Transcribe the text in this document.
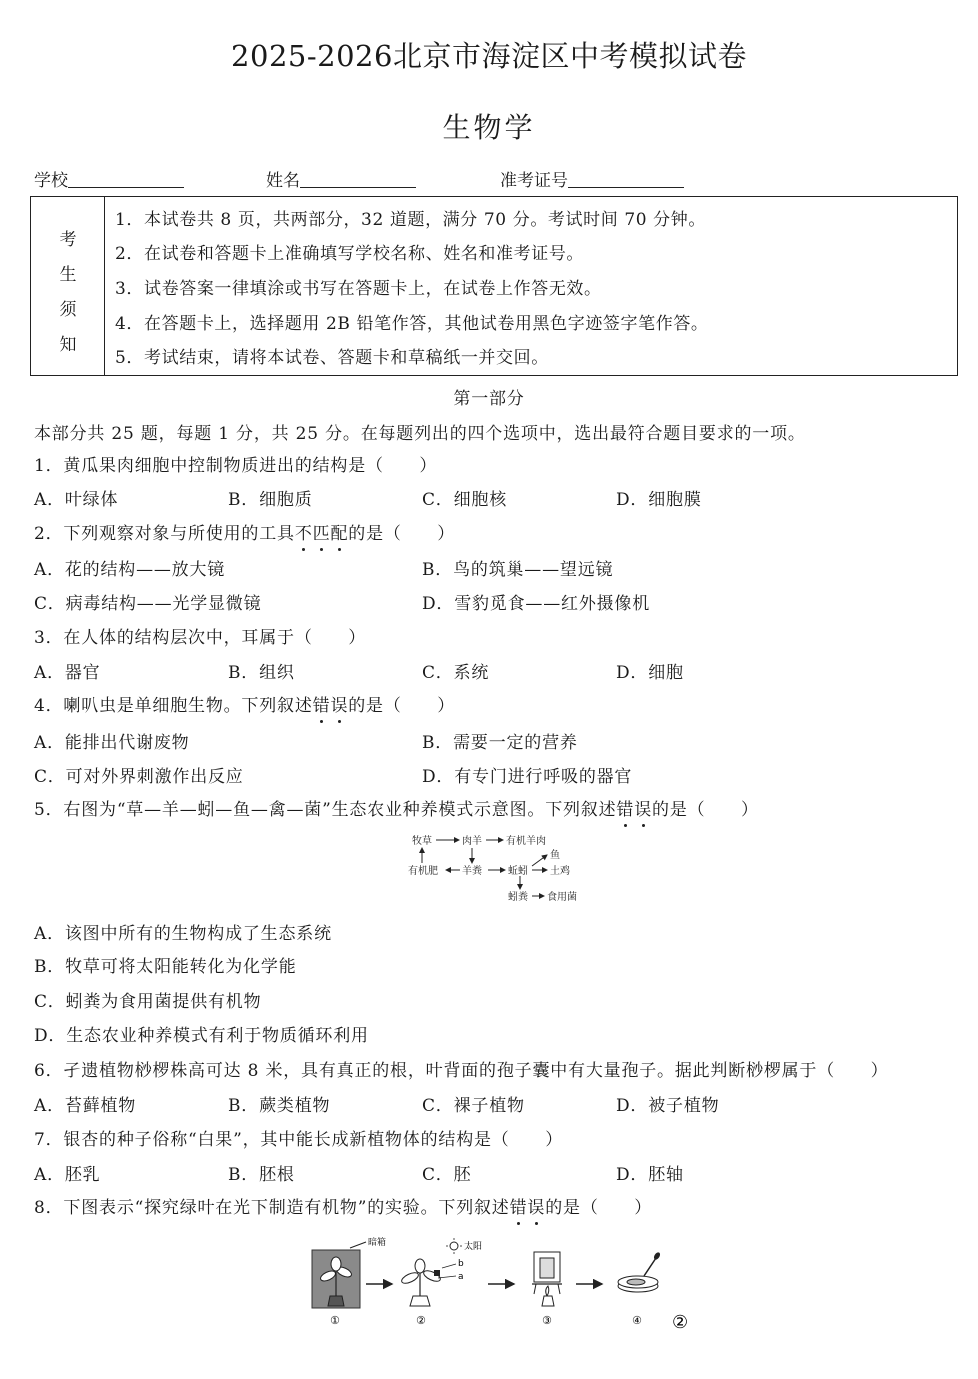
2025-2026北京市海淀区中考模拟试卷
生物学
学校	姓名	准考证号
考
生
须
知
1．本试卷共 8 页，共两部分，32 道题，满分 70 分。考试时间 70 分钟。
2．在试卷和答题卡上准确填写学校名称、姓名和准考证号。
3．试卷答案一律填涂或书写在答题卡上，在试卷上作答无效。
4．在答题卡上，选择题用 2B 铅笔作答，其他试卷用黑色字迹签字笔作答。
5．考试结束，请将本试卷、答题卡和草稿纸一并交回。
第一部分
本部分共 25 题，每题 1 分，共 25 分。在每题列出的四个选项中，选出最符合题目要求的一项。
1．黄瓜果肉细胞中控制物质进出的结构是（　　）
A．叶绿体	B．细胞质	C．细胞核	D．细胞膜
2．下列观察对象与所使用的工具不匹配的是（　　）
A．花的结构——放大镜	B．鸟的筑巢——望远镜
C．病毒结构——光学显微镜	D．雪豹觅食——红外摄像机
3．在人体的结构层次中，耳属于（　　）
A．器官	B．组织	C．系统	D．细胞
4．喇叭虫是单细胞生物。下列叙述错误的是（　　）
A．能排出代谢废物	B．需要一定的营养
C．可对外界刺激作出反应	D．有专门进行呼吸的器官
5．右图为“草—羊—蚓—鱼—禽—菌”生态农业种养模式示意图。下列叙述错误的是（　　）
牧草	肉羊 有机羊肉
有机肥 羊粪	蚯蚓
鱼
土鸡
蚓粪 食用菌
A．该图中所有的生物构成了生态系统
B．牧草可将太阳能转化为化学能
C．蚓粪为食用菌提供有机物
D．生态农业种养模式有利于物质循环利用
6．孑遗植物桫椤株高可达 8 米，具有真正的根，叶背面的孢子囊中有大量孢子。据此判断桫椤属于（　　）
A．苔藓植物	B．蕨类植物	C．裸子植物	D．被子植物
7．银杏的种子俗称“白果”，其中能长成新植物体的结构是（　　）
A．胚乳	B．胚根	C．胚	D．胚轴
8．下图表示“探究绿叶在光下制造有机物”的实验。下列叙述错误的是（　　）
暗箱
①
太阳
b
a
②	③	④ ②
